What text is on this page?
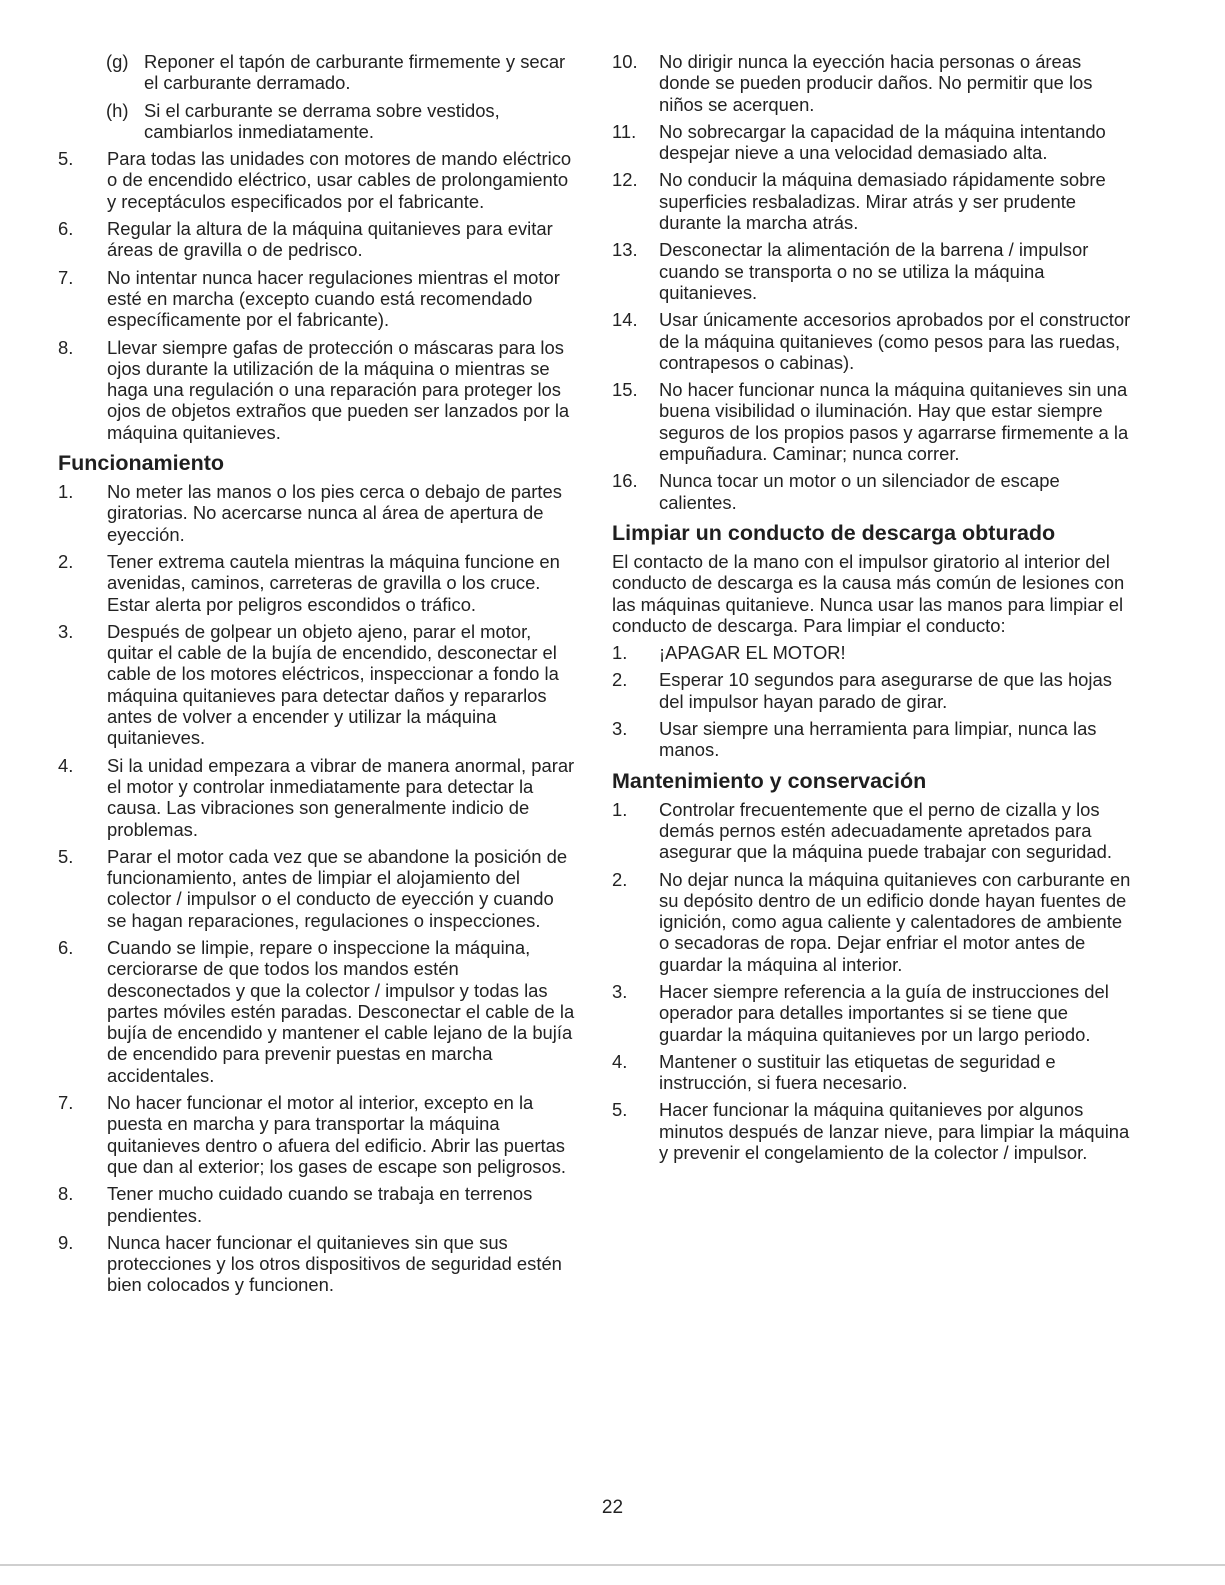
(g) Reponer el tapón de carburante firmemente y secar el carburante derramado.
(h) Si el carburante se derrama sobre vestidos, cambiarlos inmediatamente.
5. Para todas las unidades con motores de mando eléctrico o de encendido eléctrico, usar cables de prolongamiento y receptáculos especificados por el fabricante.
6. Regular la altura de la máquina quitanieves para evitar áreas de gravilla o de pedrisco.
7. No intentar nunca hacer regulaciones mientras el motor esté en marcha (excepto cuando está recomendado específicamente por el fabricante).
8. Llevar siempre gafas de protección o máscaras para los ojos durante la utilización de la máquina o mientras se haga una regulación o una reparación para proteger los ojos de objetos extraños que pueden ser lanzados por la máquina quitanieves.
Funcionamiento
1. No meter las manos o los pies cerca o debajo de partes giratorias. No acercarse nunca al área de apertura de eyección.
2. Tener extrema cautela mientras la máquina funcione en avenidas, caminos, carreteras de gravilla o los cruce. Estar alerta por peligros escondidos o tráfico.
3. Después de golpear un objeto ajeno, parar el motor, quitar el cable de la bujía de encendido, desconectar el cable de los motores eléctricos, inspeccionar a fondo la máquina quitanieves para detectar daños y repararlos antes de volver a encender y utilizar la máquina quitanieves.
4. Si la unidad empezara a vibrar de manera anormal, parar el motor y controlar inmediatamente para detectar la causa. Las vibraciones son generalmente indicio de problemas.
5. Parar el motor cada vez que se abandone la posición de funcionamiento, antes de limpiar el alojamiento del colector / impulsor o el conducto de eyección y cuando se hagan reparaciones, regulaciones o inspecciones.
6. Cuando se limpie, repare o inspeccione la máquina, cerciorarse de que todos los mandos estén desconectados y que la colector / impulsor y todas las partes móviles estén paradas. Desconectar el cable de la bujía de encendido y mantener el cable lejano de la bujía de encendido para prevenir puestas en marcha accidentales.
7. No hacer funcionar el motor al interior, excepto en la puesta en marcha y para transportar la máquina quitanieves dentro o afuera del edificio. Abrir las puertas que dan al exterior; los gases de escape son peligrosos.
8. Tener mucho cuidado cuando se trabaja en terrenos pendientes.
9. Nunca hacer funcionar el quitanieves sin que sus protecciones y los otros dispositivos de seguridad estén bien colocados y funcionen.
10. No dirigir nunca la eyección hacia personas o áreas donde se pueden producir daños. No permitir que los niños se acerquen.
11. No sobrecargar la capacidad de la máquina intentando despejar nieve a una velocidad demasiado alta.
12. No conducir la máquina demasiado rápidamente sobre superficies resbaladizas. Mirar atrás y ser prudente durante la marcha atrás.
13. Desconectar la alimentación de la barrena / impulsor cuando se transporta o no se utiliza la máquina quitanieves.
14. Usar únicamente accesorios aprobados por el constructor de la máquina quitanieves (como pesos para las ruedas, contrapesos o cabinas).
15. No hacer funcionar nunca la máquina quitanieves sin una buena visibilidad o iluminación. Hay que estar siempre seguros de los propios pasos y agarrarse firmemente a la empuñadura. Caminar; nunca correr.
16. Nunca tocar un motor o un silenciador de escape calientes.
Limpiar un conducto de descarga obturado
El contacto de la mano con el impulsor giratorio al interior del conducto de descarga es la causa más común de lesiones con las máquinas quitanieve. Nunca usar las manos para limpiar el conducto de descarga. Para limpiar el conducto:
1. ¡APAGAR EL MOTOR!
2. Esperar 10 segundos para asegurarse de que las hojas del impulsor hayan parado de girar.
3. Usar siempre una herramienta para limpiar, nunca las manos.
Mantenimiento y conservación
1. Controlar frecuentemente que el perno de cizalla y los demás pernos estén adecuadamente apretados para asegurar que la máquina puede trabajar con seguridad.
2. No dejar nunca la máquina quitanieves con carburante en su depósito dentro de un edificio donde hayan fuentes de ignición, como agua caliente y calentadores de ambiente o secadoras de ropa. Dejar enfriar el motor antes de guardar la máquina al interior.
3. Hacer siempre referencia a la guía de instrucciones del operador para detalles importantes si se tiene que guardar la máquina quitanieves por un largo periodo.
4. Mantener o sustituir las etiquetas de seguridad e instrucción, si fuera necesario.
5. Hacer funcionar la máquina quitanieves por algunos minutos después de lanzar nieve, para limpiar la máquina y prevenir el congelamiento de la colector / impulsor.
22
